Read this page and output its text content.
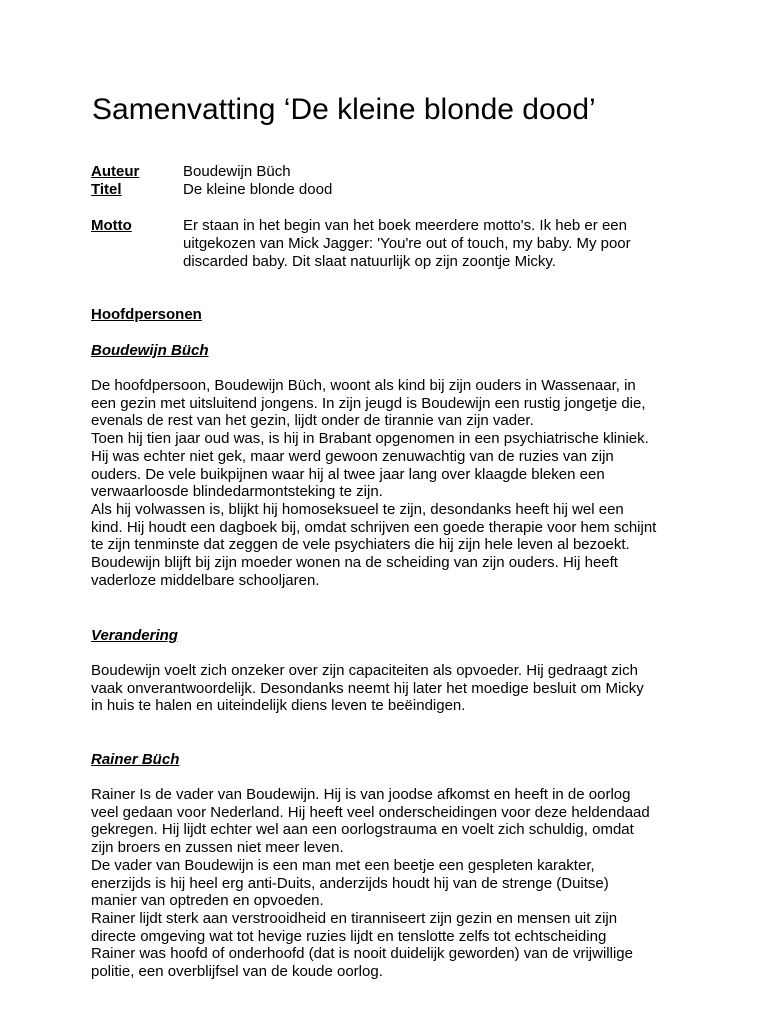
Samenvatting ‘De kleine blonde dood’
Auteur	Boudewijn Büch
Titel	De kleine blonde dood
Motto	Er staan in het begin van het boek meerdere motto's. Ik heb er een
uitgekozen van Mick Jagger: 'You're out of touch, my baby. My poor
discarded baby. Dit slaat natuurlijk op zijn zoontje Micky.
Hoofdpersonen
Boudewijn Büch
De hoofdpersoon, Boudewijn Büch, woont als kind bij zijn ouders in Wassenaar, in
een gezin met uitsluitend jongens. In zijn jeugd is Boudewijn een rustig jongetje die,
evenals de rest van het gezin, lijdt onder de tirannie van zijn vader.
Toen hij tien jaar oud was, is hij in Brabant opgenomen in een psychiatrische kliniek.
Hij was echter niet gek, maar werd gewoon zenuwachtig van de ruzies van zijn
ouders. De vele buikpijnen waar hij al twee jaar lang over klaagde bleken een
verwaarloosde blindedarmontsteking te zijn.
Als hij volwassen is, blijkt hij homoseksueel te zijn, desondanks heeft hij wel een
kind. Hij houdt een dagboek bij, omdat schrijven een goede therapie voor hem schijnt
te zijn tenminste dat zeggen de vele psychiaters die hij zijn hele leven al bezoekt.
Boudewijn blijft bij zijn moeder wonen na de scheiding van zijn ouders. Hij heeft
vaderloze middelbare schooljaren.
Verandering
Boudewijn voelt zich onzeker over zijn capaciteiten als opvoeder. Hij gedraagt zich
vaak onverantwoordelijk. Desondanks neemt hij later het moedige besluit om Micky
in huis te halen en uiteindelijk diens leven te beëindigen.
Rainer Büch
Rainer Is de vader van Boudewijn. Hij is van joodse afkomst en heeft in de oorlog
veel gedaan voor Nederland. Hij heeft veel onderscheidingen voor deze heldendaad
gekregen. Hij lijdt echter wel aan een oorlogstrauma en voelt zich schuldig, omdat
zijn broers en zussen niet meer leven.
De vader van Boudewijn is een man met een beetje een gespleten karakter,
enerzijds is hij heel erg anti-Duits, anderzijds houdt hij van de strenge (Duitse)
manier van optreden en opvoeden.
Rainer lijdt sterk aan verstrooidheid en tiranniseert zijn gezin en mensen uit zijn
directe omgeving wat tot hevige ruzies lijdt en tenslotte zelfs tot echtscheiding
Rainer was hoofd of onderhoofd (dat is nooit duidelijk geworden) van de vrijwillige
politie, een overblijfsel van de koude oorlog.
